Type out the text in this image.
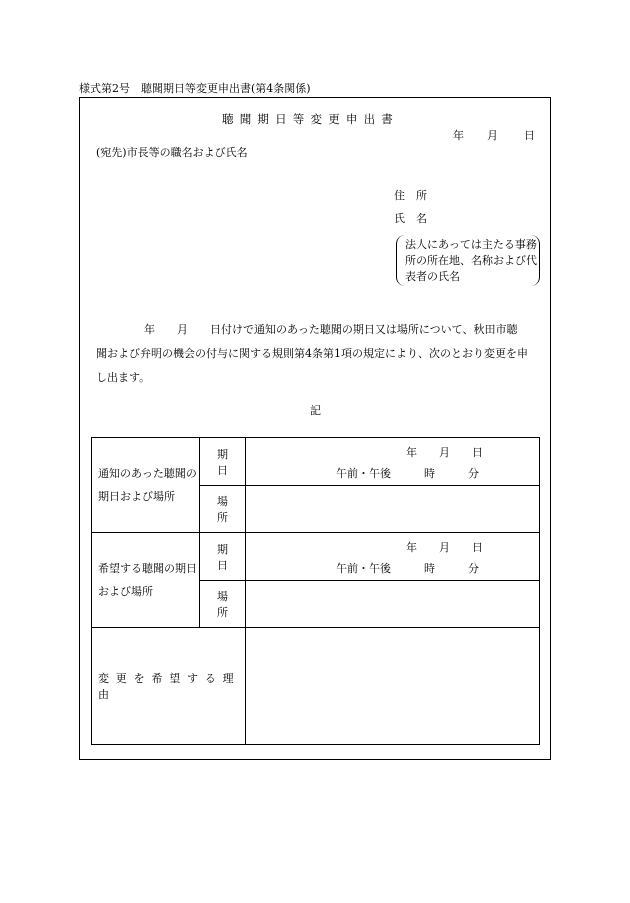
様式第2号　聴聞期日等変更申出書(第4条関係)
聴聞期日等変更申出書
年 月 日
(宛先)市長等の職名および氏名
住　所
氏　名
法人にあっては主たる事務所の所在地、名称および代表者の氏名
年　　月　　日付けで通知のあった聴聞の期日又は場所について、秋田市聴
聞および弁明の機会の付与に関する規則第4条第1項の規定により、次のとおり変更を申
し出ます。
記
通知のあった聴聞の期日および場所	期　日	年　　月　　日
午前・午後　　　時　　　分

	場　所	
希望する聴聞の期日および場所	期　日	年　　月　　日
午前・午後　　　時　　　分

	場　所	
変更を希望する理由		
